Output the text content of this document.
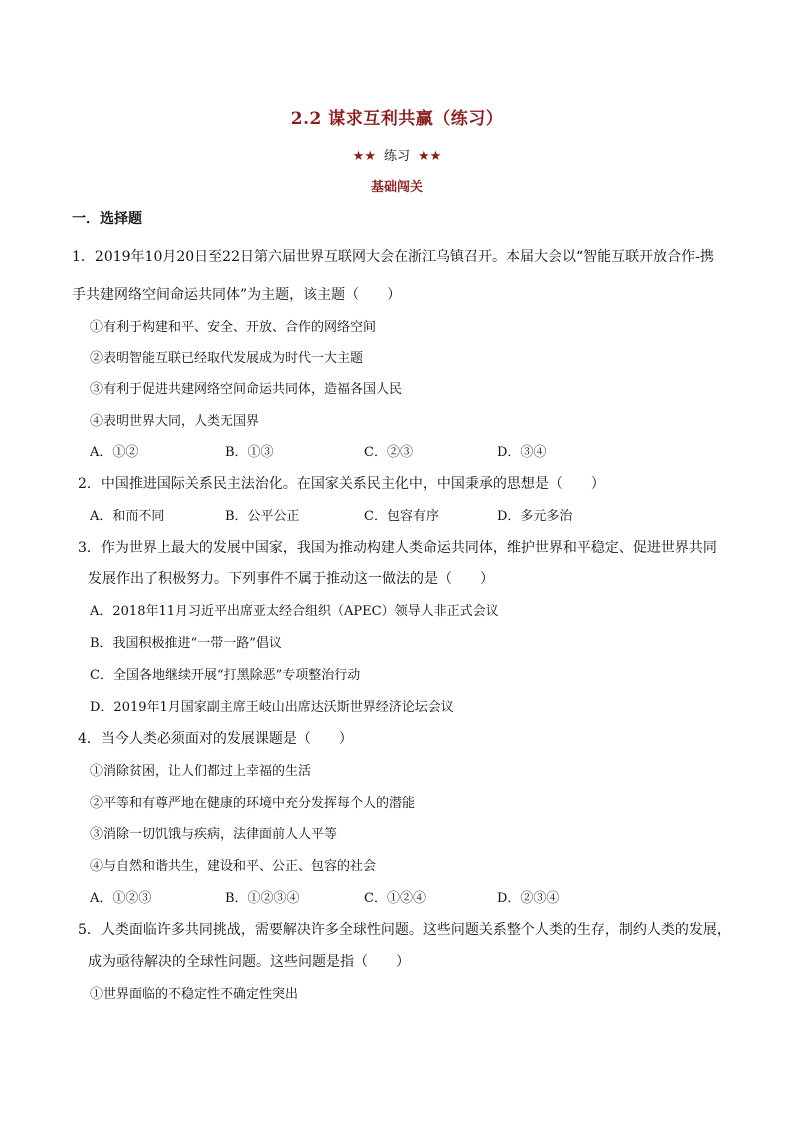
2.2 谋求互利共赢（练习）
★★ 练习 ★★
基础闯关
一．选择题
1．2019年10月20日至22日第六届世界互联网大会在浙江乌镇召开。本届大会以“智能互联开放合作-携
手共建网络空间命运共同体”为主题，该主题（　　）
①有利于构建和平、安全、开放、合作的网络空间
②表明智能互联已经取代发展成为时代一大主题
③有利于促进共建网络空间命运共同体，造福各国人民
④表明世界大同，人类无国界
A．①②	B．①③	C．②③	D．③④
2．中国推进国际关系民主法治化。在国家关系民主化中，中国秉承的思想是（　　）
A．和而不同	B．公平公正	C．包容有序	D．多元多治
3．作为世界上最大的发展中国家，我国为推动构建人类命运共同体，维护世界和平稳定、促进世界共同
发展作出了积极努力。下列事件不属于推动这一做法的是（　　）
A．2018年11月习近平出席亚太经合组织（APEC）领导人非正式会议
B．我国积极推进“一带一路”倡议
C．全国各地继续开展“打黑除恶”专项整治行动
D．2019年1月国家副主席王岐山出席达沃斯世界经济论坛会议
4．当今人类必须面对的发展课题是（　　）
①消除贫困，让人们都过上幸福的生活
②平等和有尊严地在健康的环境中充分发挥每个人的潜能
③消除一切饥饿与疾病，法律面前人人平等
④与自然和谐共生，建设和平、公正、包容的社会
A．①②③	B．①②③④	C．①②④	D．②③④
5．人类面临许多共同挑战，需要解决许多全球性问题。这些问题关系整个人类的生存，制约人类的发展，
成为亟待解决的全球性问题。这些问题是指（　　）
①世界面临的不稳定性不确定性突出
